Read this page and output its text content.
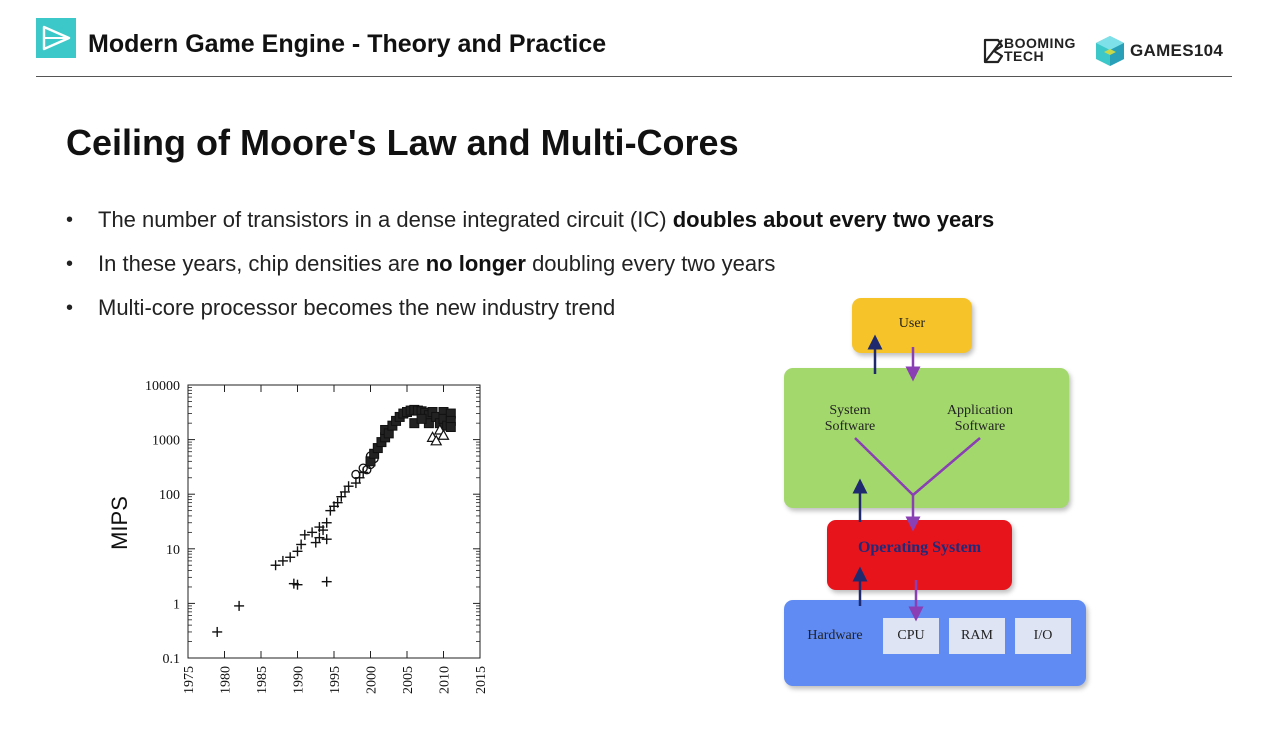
Modern Game Engine - Theory and Practice	BOOMING
TECH	GAMES104
Ceiling of Moore's Law and Multi-Cores
• The number of transistors in a dense integrated circuit (IC) doubles about every two years
• In these years, chip densities are no longer doubling every two years
• Multi-core processor becomes the new industry trend
10000
1000
100
10
1
0.1
1975 1980 1985 1990 1995 2000 2005 2010 2015
MIPS
User
System
Software
Application
Software
Operating System
Hardware	CPU	RAM	I/O
